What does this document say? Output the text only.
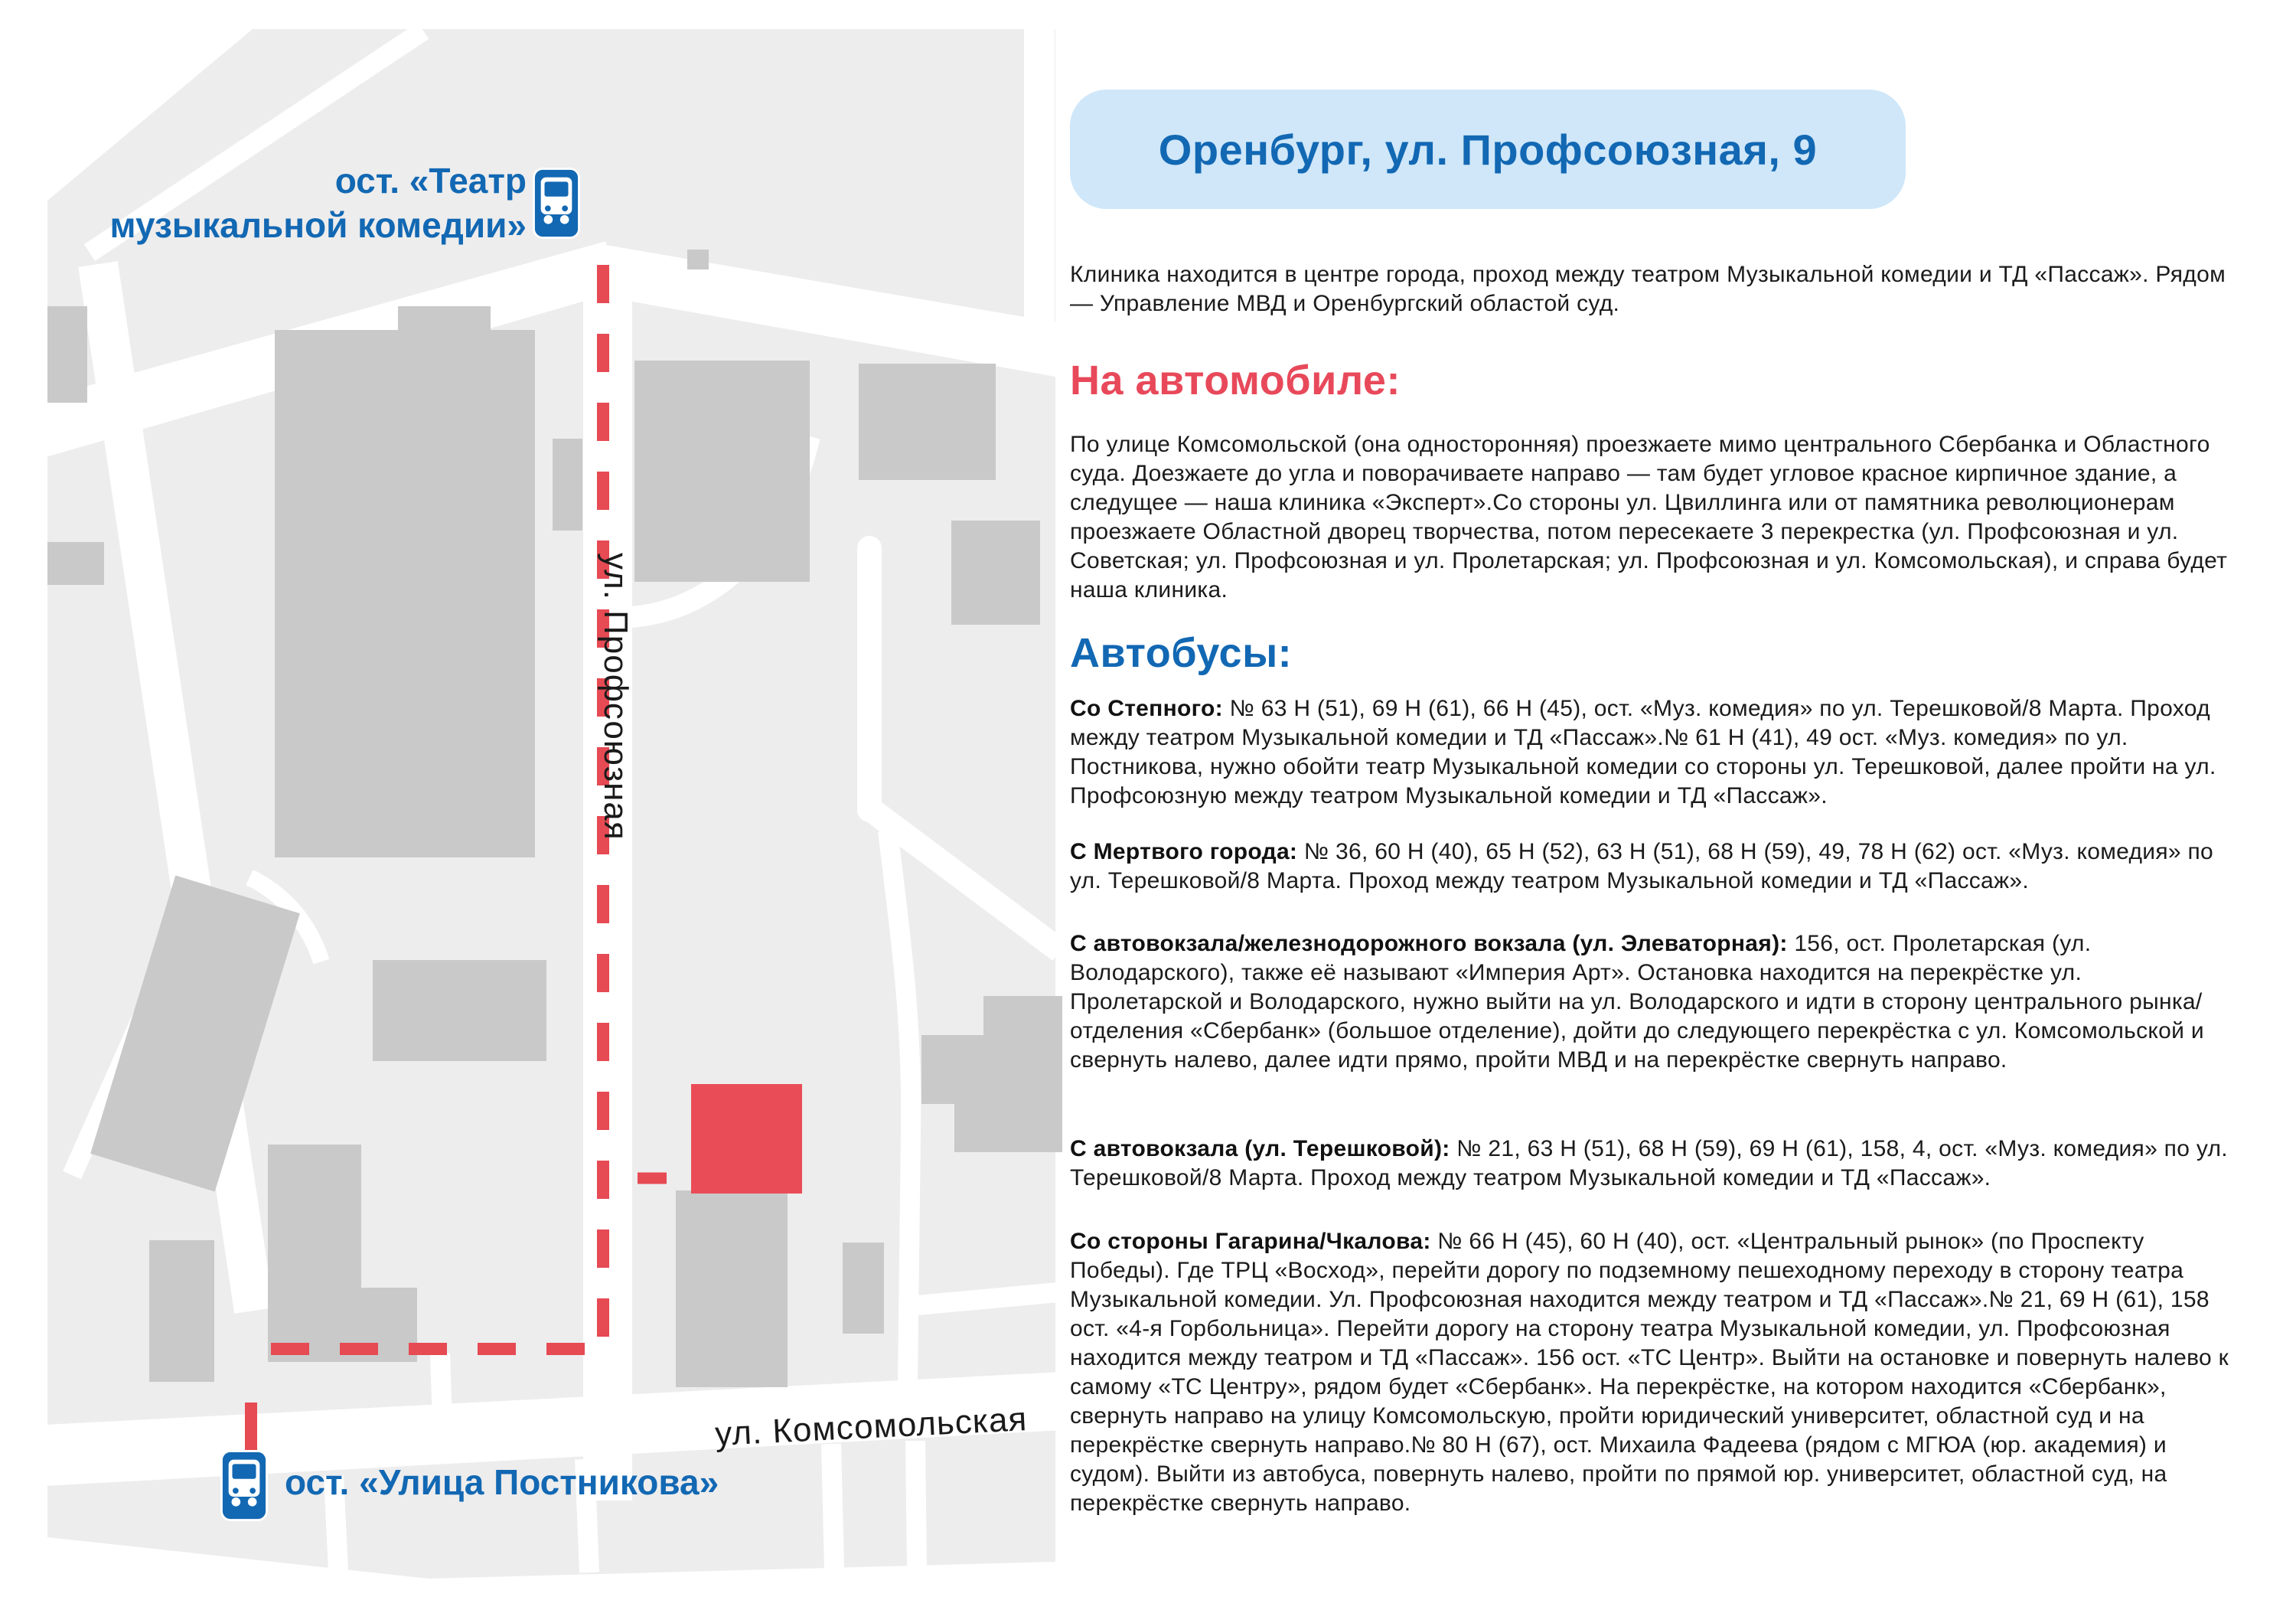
ул. Профсоюзная
ул. Комсомольская
ост. «Театр
музыкальной комедии»
ост. «Улица Постникова»
Оренбург, ул. Профсоюзная, 9

Клиника находится в центре города, проход между театром Музыкальной комедии и ТД «Пассаж». Рядом — Управление МВД и Оренбургский областой суд.

На автомобиле:

По улице Комсомольской (она односторонняя) проезжаете мимо центрального Сбербанка и Областного суда. Доезжаете до угла и поворачиваете направо — там будет угловое красное кирпичное здание, а следущее — наша клиника «Эксперт».Со стороны ул. Цвиллинга или от памятника революционерам проезжаете Областной дворец творчества, потом пересекаете 3 перекрестка (ул. Профсоюзная и ул. Советская; ул. Профсоюзная и ул. Пролетарская; ул. Профсоюзная и ул. Комсомольская), и справа будет наша клиника.

Автобусы:

Со Степного: № 63 Н (51), 69 Н (61), 66 Н (45), ост. «Муз. комедия» по ул. Терешковой/8 Марта. Проход между театром Музыкальной комедии и ТД «Пассаж».№ 61 Н (41), 49 ост. «Муз. комедия» по ул. Постникова, нужно обойти театр Музыкальной комедии со стороны ул. Терешковой, далее пройти на ул. Профсоюзную между театром Музыкальной комедии и ТД «Пассаж».

С Мертвого города: № 36, 60 Н (40), 65 Н (52), 63 Н (51), 68 Н (59), 49, 78 Н (62) ост. «Муз. комедия» по ул. Терешковой/8 Марта. Проход между театром Музыкальной комедии и ТД «Пассаж».

С автовокзала/железнодорожного вокзала (ул. Элеваторная): 156, ост. Пролетарская (ул. Володарского), также её называют «Империя Арт». Остановка находится на перекрёстке ул. Пролетарской и Володарского, нужно выйти на ул. Володарского и идти в сторону центрального рынка/отделения «Сбербанк» (большое отделение), дойти до следующего перекрёстка с ул. Комсомольской и свернуть налево, далее идти прямо, пройти МВД и на перекрёстке свернуть направо.

С автовокзала (ул. Терешковой): № 21, 63 Н (51), 68 Н (59), 69 Н (61), 158, 4, ост. «Муз. комедия» по ул. Терешковой/8 Марта. Проход между театром Музыкальной комедии и ТД «Пассаж».

Со стороны Гагарина/Чкалова: № 66 Н (45), 60 Н (40), ост. «Центральный рынок» (по Проспекту Победы). Где ТРЦ «Восход», перейти дорогу по подземному пешеходному переходу в сторону театра Музыкальной комедии. Ул. Профсоюзная находится между театром и ТД «Пассаж».№ 21, 69 Н (61), 158 ост. «4-я Горбольница». Перейти дорогу на сторону театра Музыкальной комедии, ул. Профсоюзная находится между театром и ТД «Пассаж». 156 ост. «ТС Центр». Выйти на остановке и повернуть налево к самому «ТС Центру», рядом будет «Сбербанк». На перекрёстке, на котором находится «Сбербанк», свернуть направо на улицу Комсомольскую, пройти юридический университет, областной суд и на перекрёстке свернуть направо.№ 80 Н (67), ост. Михаила Фадеева (рядом с МГЮА (юр. академия) и судом). Выйти из автобуса, повернуть налево, пройти по прямой юр. университет, областной суд, на перекрёстке свернуть направо.
